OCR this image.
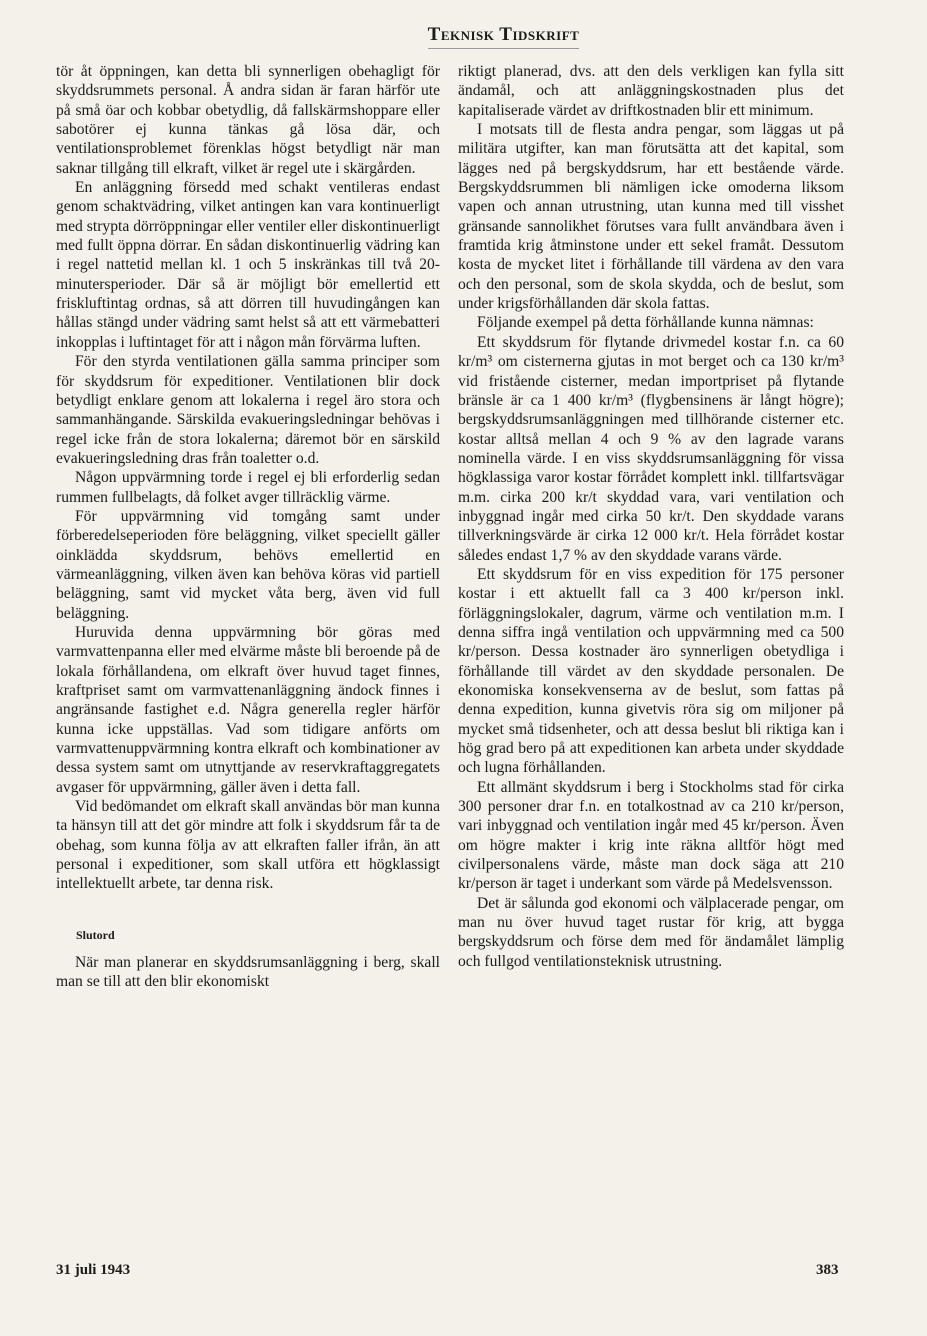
Teknisk Tidskrift

tör åt öppningen, kan detta bli synnerligen obehagligt för skyddsrummets personal. Å andra sidan är faran härför ute på små öar och kobbar obetydlig, då fallskärmshoppare eller sabotörer ej kunna tänkas gå lösa där, och ventilationsproblemet förenklas högst betydligt när man saknar tillgång till elkraft, vilket är regel ute i skärgården.

En anläggning försedd med schakt ventileras endast genom schaktvädring, vilket antingen kan vara kontinuerligt med strypta dörröppningar eller ventiler eller diskontinuerligt med fullt öppna dörrar. En sådan diskontinuerlig vädring kan i regel nattetid mellan kl. 1 och 5 inskränkas till två 20-minutersperioder. Där så är möjligt bör emellertid ett friskluftintag ordnas, så att dörren till huvudingången kan hållas stängd under vädring samt helst så att ett värmebatteri inkopplas i luftintaget för att i någon mån förvärma luften.

För den styrda ventilationen gälla samma principer som för skyddsrum för expeditioner. Ventilationen blir dock betydligt enklare genom att lokalerna i regel äro stora och sammanhängande. Särskilda evakueringsledningar behövas i regel icke från de stora lokalerna; däremot bör en särskild evakueringsledning dras från toaletter o.d.

Någon uppvärmning torde i regel ej bli erforderlig sedan rummen fullbelagts, då folket avger tillräcklig värme.

För uppvärmning vid tomgång samt under förberedelseperioden före beläggning, vilket speciellt gäller oinklädda skyddsrum, behövs emellertid en värmeanläggning, vilken även kan behöva köras vid partiell beläggning, samt vid mycket våta berg, även vid full beläggning.

Huruvida denna uppvärmning bör göras med varmvattenpanna eller med elvärme måste bli beroende på de lokala förhållandena, om elkraft över huvud taget finnes, kraftpriset samt om varmvattenanläggning ändock finnes i angränsande fastighet e.d. Några generella regler härför kunna icke uppställas. Vad som tidigare anförts om varmvattenuppvärmning kontra elkraft och kombinationer av dessa system samt om utnyttjande av reservkraftaggregatets avgaser för uppvärmning, gäller även i detta fall.

Vid bedömandet om elkraft skall användas bör man kunna ta hänsyn till att det gör mindre att folk i skyddsrum får ta de obehag, som kunna följa av att elkraften faller ifrån, än att personal i expeditioner, som skall utföra ett högklassigt intellektuellt arbete, tar denna risk.

Slutord

När man planerar en skyddsrumsanläggning i berg, skall man se till att den blir ekonomiskt

riktigt planerad, dvs. att den dels verkligen kan fylla sitt ändamål, och att anläggningskostnaden plus det kapitaliserade värdet av driftkostnaden blir ett minimum.

I motsats till de flesta andra pengar, som läggas ut på militära utgifter, kan man förutsätta att det kapital, som lägges ned på bergskyddsrum, har ett bestående värde. Bergskyddsrummen bli nämligen icke omoderna liksom vapen och annan utrustning, utan kunna med till visshet gränsande sannolikhet förutses vara fullt användbara även i framtida krig åtminstone under ett sekel framåt. Dessutom kosta de mycket litet i förhållande till värdena av den vara och den personal, som de skola skydda, och de beslut, som under krigsförhållanden där skola fattas.

Följande exempel på detta förhållande kunna nämnas:

Ett skyddsrum för flytande drivmedel kostar f.n. ca 60 kr/m³ om cisternerna gjutas in mot berget och ca 130 kr/m³ vid fristående cisterner, medan importpriset på flytande bränsle är ca 1 400 kr/m³ (flygbensinens är långt högre); bergskyddsrumsanläggningen med tillhörande cisterner etc. kostar alltså mellan 4 och 9 % av den lagrade varans nominella värde. I en viss skyddsrumsanläggning för vissa högklassiga varor kostar förrådet komplett inkl. tillfartsvägar m.m. cirka 200 kr/t skyddad vara, vari ventilation och inbyggnad ingår med cirka 50 kr/t. Den skyddade varans tillverkningsvärde är cirka 12 000 kr/t. Hela förrådet kostar således endast 1,7 % av den skyddade varans värde.

Ett skyddsrum för en viss expedition för 175 personer kostar i ett aktuellt fall ca 3 400 kr/person inkl. förläggningslokaler, dagrum, värme och ventilation m.m. I denna siffra ingå ventilation och uppvärmning med ca 500 kr/person. Dessa kostnader äro synnerligen obetydliga i förhållande till värdet av den skyddade personalen. De ekonomiska konsekvenserna av de beslut, som fattas på denna expedition, kunna givetvis röra sig om miljoner på mycket små tidsenheter, och att dessa beslut bli riktiga kan i hög grad bero på att expeditionen kan arbeta under skyddade och lugna förhållanden.

Ett allmänt skyddsrum i berg i Stockholms stad för cirka 300 personer drar f.n. en totalkostnad av ca 210 kr/person, vari inbyggnad och ventilation ingår med 45 kr/person. Även om högre makter i krig inte räkna alltför högt med civilpersonalens värde, måste man dock säga att 210 kr/person är taget i underkant som värde på Medelsvensson.

Det är sålunda god ekonomi och välplacerade pengar, om man nu över huvud taget rustar för krig, att bygga bergskyddsrum och förse dem med för ändamålet lämplig och fullgod ventilationsteknisk utrustning.

31 juli 1943	383
